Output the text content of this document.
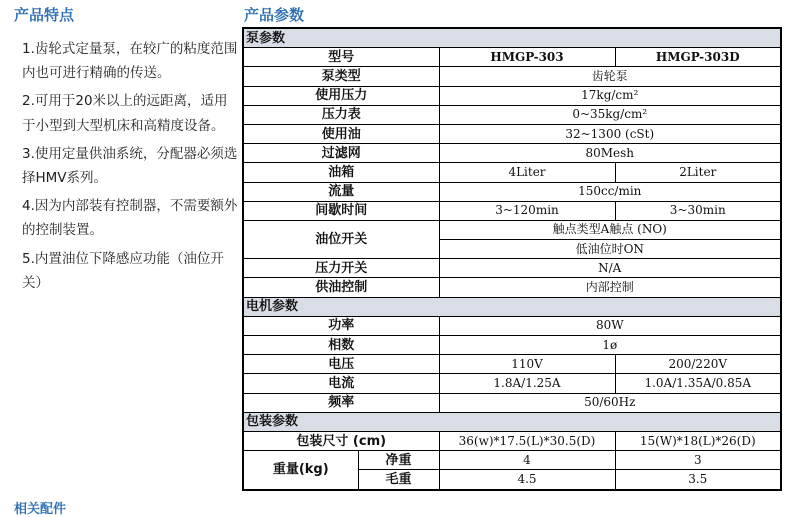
产品特点

1.齿轮式定量泵，在较广的粘度范围内也可进行精确的传送。

2.可用于20米以上的远距离，适用于小型到大型机床和高精度设备。

3.使用定量供油系统，分配器必须选择HMV系列。

4.因为内部装有控制器，不需要额外的控制装置。

5.内置油位下降感应功能（油位开关）

相关配件
产品参数
泵参数			
型号		HMGP-303	HMGP-303D
泵类型		齿轮泵	
使用压力		17kg/cm²	
压力表		0~35kg/cm²	
使用油		32~1300 (cSt)	
过滤网		80Mesh	
油箱		4Liter	2Liter
流量		150cc/min	
间歇时间		3~120min	3~30min
油位开关		触点类型A触点 (NO)	
		低油位时ON	
压力开关		N/A	
供油控制		内部控制	
电机参数			
功率		80W	
相数		1ø	
电压		110V	200/220V
电流		1.8A/1.25A	1.0A/1.35A/0.85A
频率		50/60Hz	
包装参数			
包装尺寸 (cm)		36(w)*17.5(L)*30.5(D)	15(W)*18(L)*26(D)
重量(kg)	净重	4	3
	毛重	4.5	3.5
